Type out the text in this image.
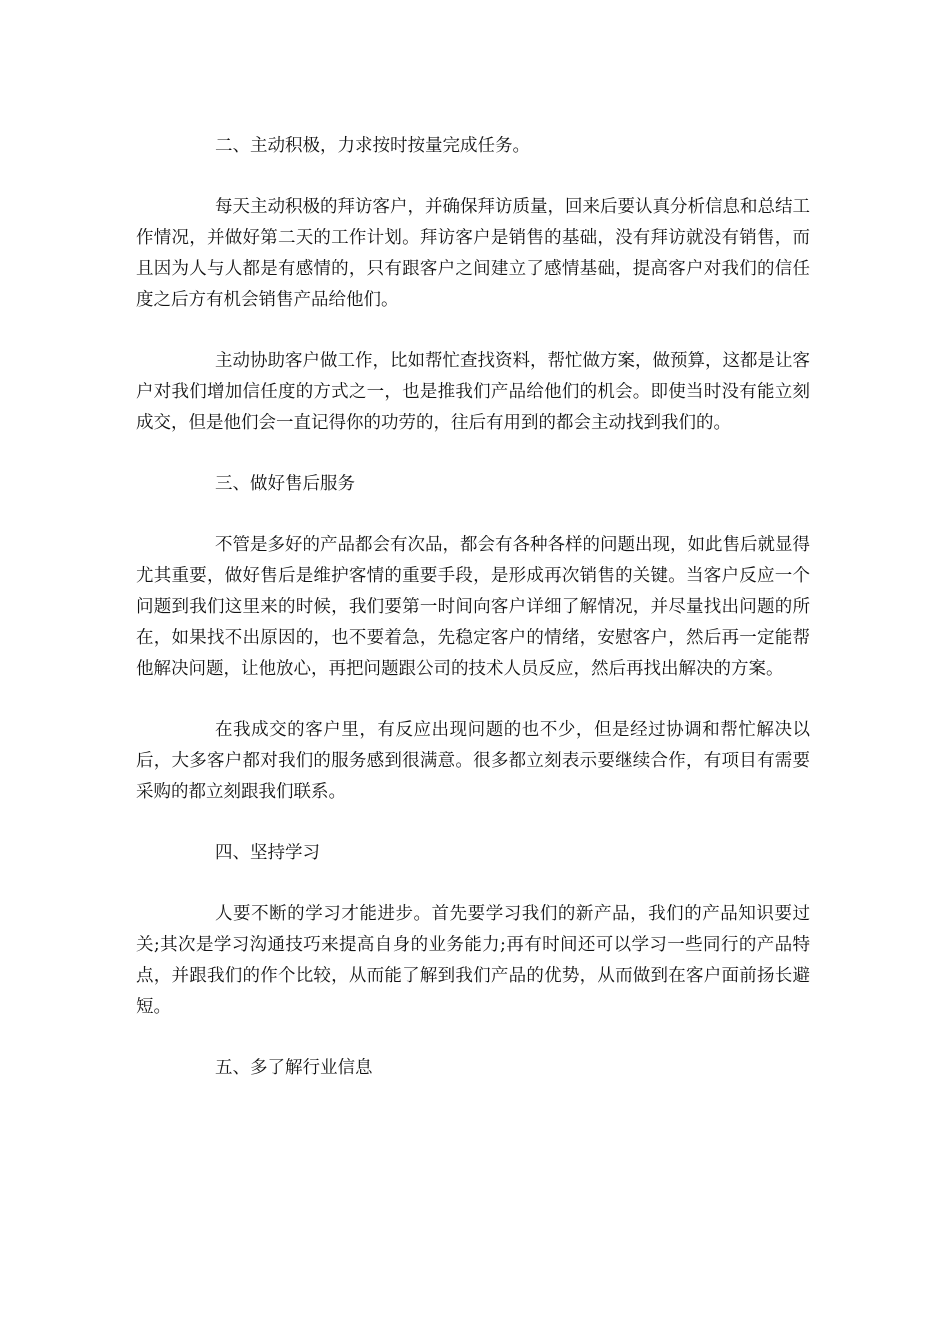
二、主动积极，力求按时按量完成任务。

每天主动积极的拜访客户，并确保拜访质量，回来后要认真分析信息和总结工作情况，并做好第二天的工作计划。拜访客户是销售的基础，没有拜访就没有销售，而且因为人与人都是有感情的，只有跟客户之间建立了感情基础，提高客户对我们的信任度之后方有机会销售产品给他们。

主动协助客户做工作，比如帮忙查找资料，帮忙做方案，做预算，这都是让客户对我们增加信任度的方式之一，也是推我们产品给他们的机会。即使当时没有能立刻成交，但是他们会一直记得你的功劳的，往后有用到的都会主动找到我们的。

三、做好售后服务

不管是多好的产品都会有次品，都会有各种各样的问题出现，如此售后就显得尤其重要，做好售后是维护客情的重要手段，是形成再次销售的关键。当客户反应一个问题到我们这里来的时候，我们要第一时间向客户详细了解情况，并尽量找出问题的所在，如果找不出原因的，也不要着急，先稳定客户的情绪，安慰客户，然后再一定能帮他解决问题，让他放心，再把问题跟公司的技术人员反应，然后再找出解决的方案。

在我成交的客户里，有反应出现问题的也不少，但是经过协调和帮忙解决以后，大多客户都对我们的服务感到很满意。很多都立刻表示要继续合作，有项目有需要采购的都立刻跟我们联系。

四、坚持学习

人要不断的学习才能进步。首先要学习我们的新产品，我们的产品知识要过关;其次是学习沟通技巧来提高自身的业务能力;再有时间还可以学习一些同行的产品特点，并跟我们的作个比较，从而能了解到我们产品的优势，从而做到在客户面前扬长避短。

五、多了解行业信息
